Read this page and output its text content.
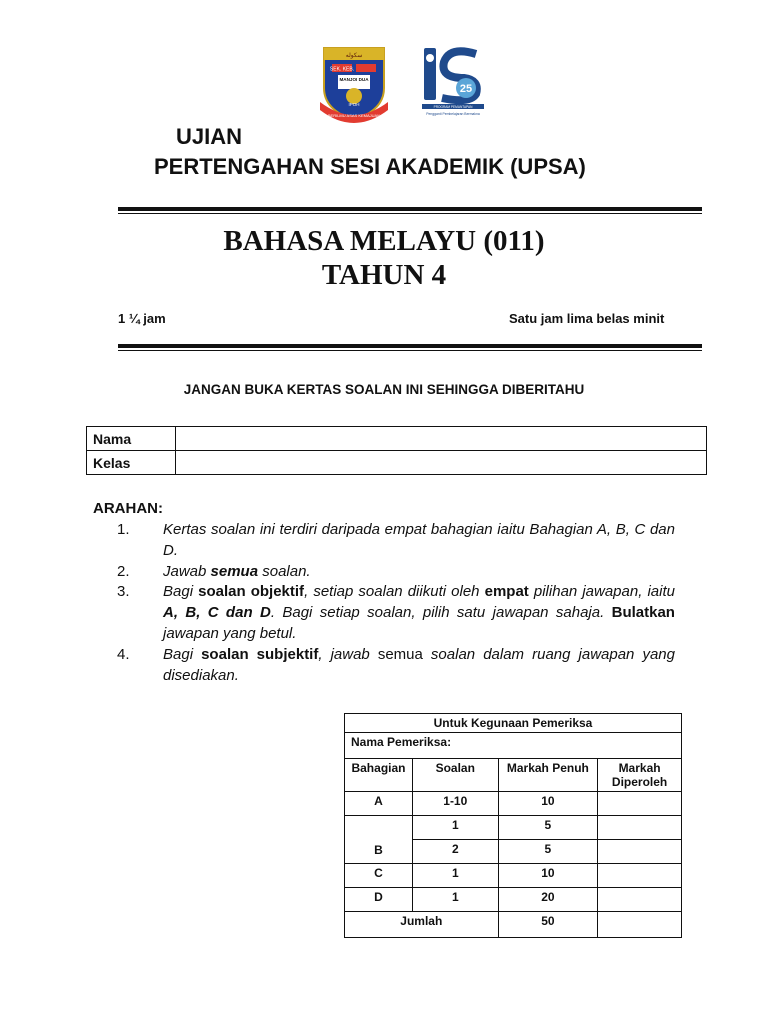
ﺳﻜﻮﻟﻪ
SEK. KEB.
MANJOI DUA
IPOH
BERILMU ASAS KEMAJUAN
25
PROGRAM PEMANTAPAN
Pengganti Pembelajaran Bermakna
UJIAN
PERTENGAHAN SESI AKADEMIK (UPSA)
BAHASA MELAYU (011)
TAHUN 4
1 ¼ jam	Satu jam lima belas minit
JANGAN BUKA KERTAS SOALAN INI SEHINGGA DIBERITAHU
Nama	
Kelas	
ARAHAN:
1.	Kertas soalan ini terdiri daripada empat bahagian iaitu Bahagian A, B, C dan D.
2.	Jawab semua soalan.
3.	Bagi soalan objektif, setiap soalan diikuti oleh empat pilihan jawapan, iaitu A, B, C dan D. Bagi setiap soalan, pilih satu jawapan sahaja. Bulatkan jawapan yang betul.
4.	Bagi soalan subjektif, jawab semua soalan dalam ruang jawapan yang disediakan.
Untuk Kegunaan Pemeriksa			
Nama Pemeriksa:			
Bahagian	Soalan	Markah Penuh	Markah Diperoleh
A	1-10	10	
B	1	5	
	2	5	
C	1	10	
D	1	20	
Jumlah		50	
